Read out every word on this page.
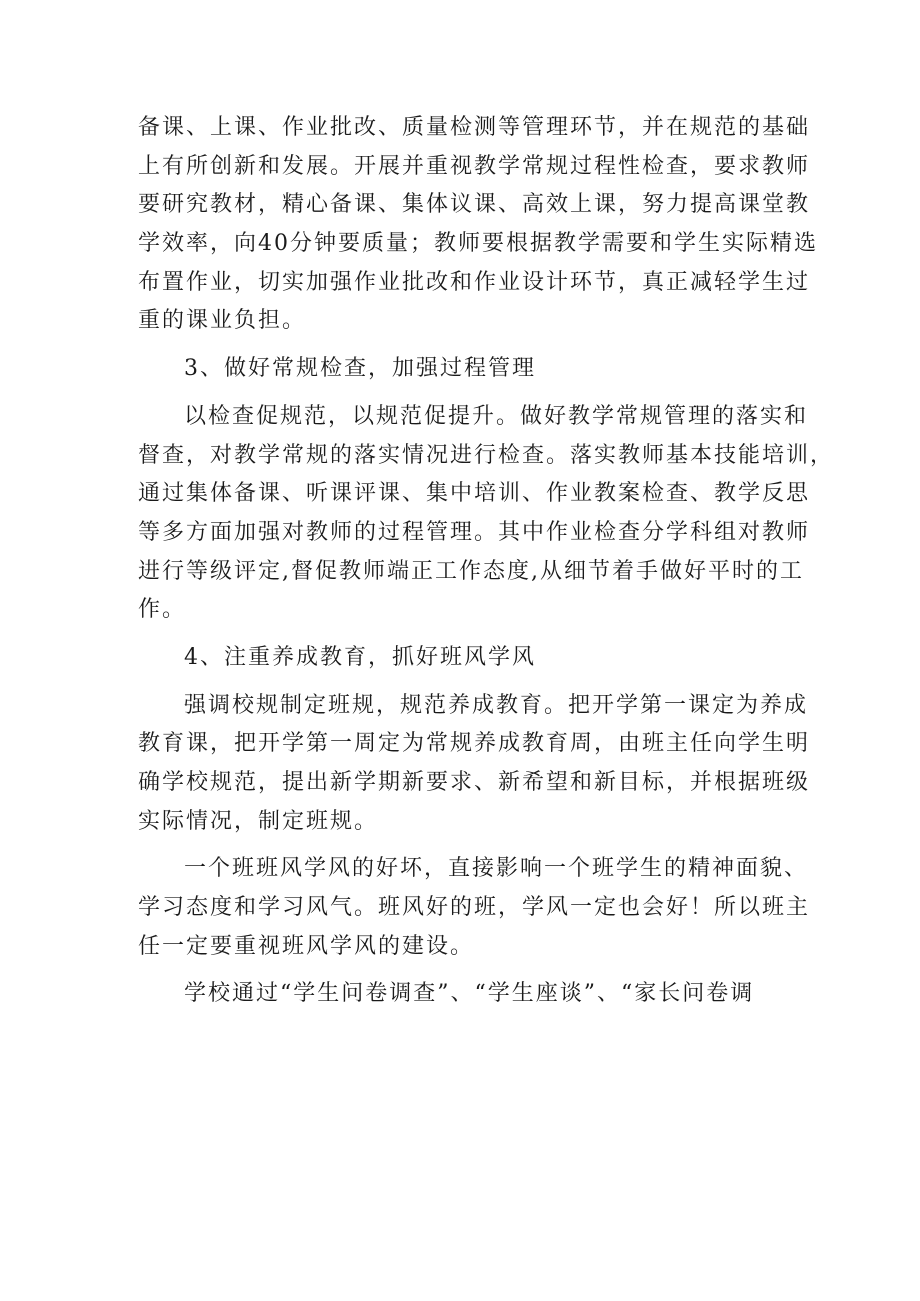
备课、上课、作业批改、质量检测等管理环节，并在规范的基础
上有所创新和发展。开展并重视教学常规过程性检查，要求教师
要研究教材，精心备课、集体议课、高效上课，努力提高课堂教
学效率，向40分钟要质量；教师要根据教学需要和学生实际精选
布置作业，切实加强作业批改和作业设计环节，真正减轻学生过
重的课业负担。
3、做好常规检查，加强过程管理
以检查促规范，以规范促提升。做好教学常规管理的落实和
督查，对教学常规的落实情况进行检查。落实教师基本技能培训，
通过集体备课、听课评课、集中培训、作业教案检查、教学反思
等多方面加强对教师的过程管理。其中作业检查分学科组对教师
进行等级评定,督促教师端正工作态度,从细节着手做好平时的工
作。
4、注重养成教育，抓好班风学风
强调校规制定班规，规范养成教育。把开学第一课定为养成
教育课，把开学第一周定为常规养成教育周，由班主任向学生明
确学校规范，提出新学期新要求、新希望和新目标，并根据班级
实际情况，制定班规。
一个班班风学风的好坏，直接影响一个班学生的精神面貌、
学习态度和学习风气。班风好的班，学风一定也会好！所以班主
任一定要重视班风学风的建设。
学校通过“学生问卷调查”、“学生座谈”、“家长问卷调
